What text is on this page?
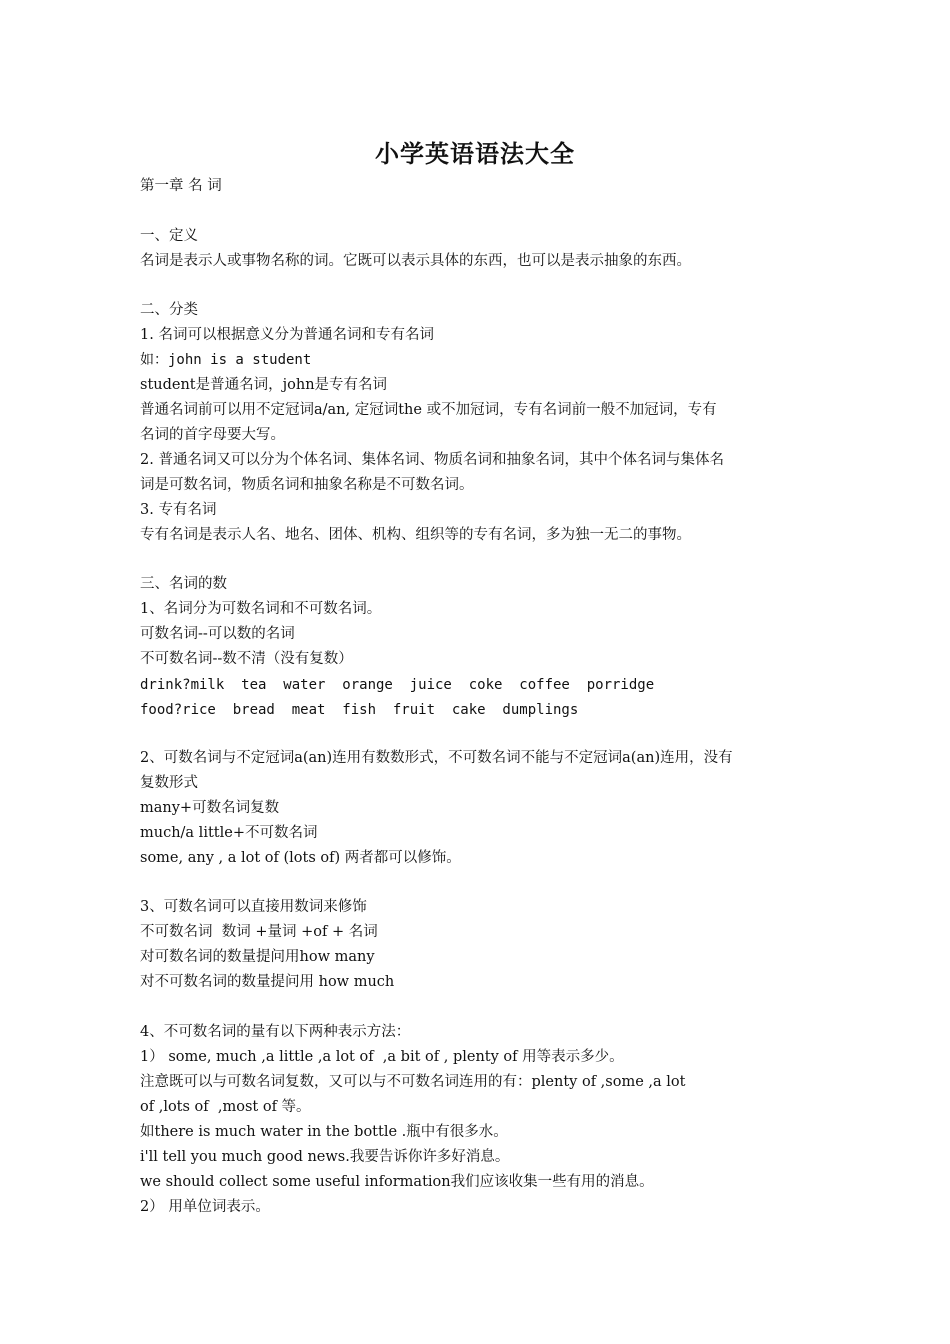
小学英语语法大全
第一章 名 词
一、定义
名词是表示人或事物名称的词。它既可以表示具体的东西，也可以是表示抽象的东西。
二、分类
1. 名词可以根据意义分为普通名词和专有名词
如：john is a student
student是普通名词，john是专有名词
普通名词前可以用不定冠词a/an, 定冠词the 或不加冠词，专有名词前一般不加冠词，专有
名词的首字母要大写。
2. 普通名词又可以分为个体名词、集体名词、物质名词和抽象名词，其中个体名词与集体名
词是可数名词，物质名词和抽象名称是不可数名词。
3. 专有名词
专有名词是表示人名、地名、团体、机构、组织等的专有名词，多为独一无二的事物。
三、名词的数
1、名词分为可数名词和不可数名词。
可数名词--可以数的名词
不可数名词--数不清（没有复数）
drink?milk  tea  water  orange  juice  coke  coffee  porridge
food?rice  bread  meat  fish  fruit  cake  dumplings
2、可数名词与不定冠词a(an)连用有数数形式，不可数名词不能与不定冠词a(an)连用，没有
复数形式
many+可数名词复数
much/a little+不可数名词
some, any , a lot of (lots of) 两者都可以修饰。
3、可数名词可以直接用数词来修饰
不可数名词  数词 +量词 +of + 名词
对可数名词的数量提问用how many
对不可数名词的数量提问用 how much
4、不可数名词的量有以下两种表示方法：
1） some, much ,a little ,a lot of  ,a bit of , plenty of 用等表示多少。
注意既可以与可数名词复数，又可以与不可数名词连用的有：plenty of ,some ,a lot
of ,lots of  ,most of 等。
如there is much water in the bottle .瓶中有很多水。
i'll tell you much good news.我要告诉你许多好消息。
we should collect some useful information我们应该收集一些有用的消息。
2） 用单位词表示。
